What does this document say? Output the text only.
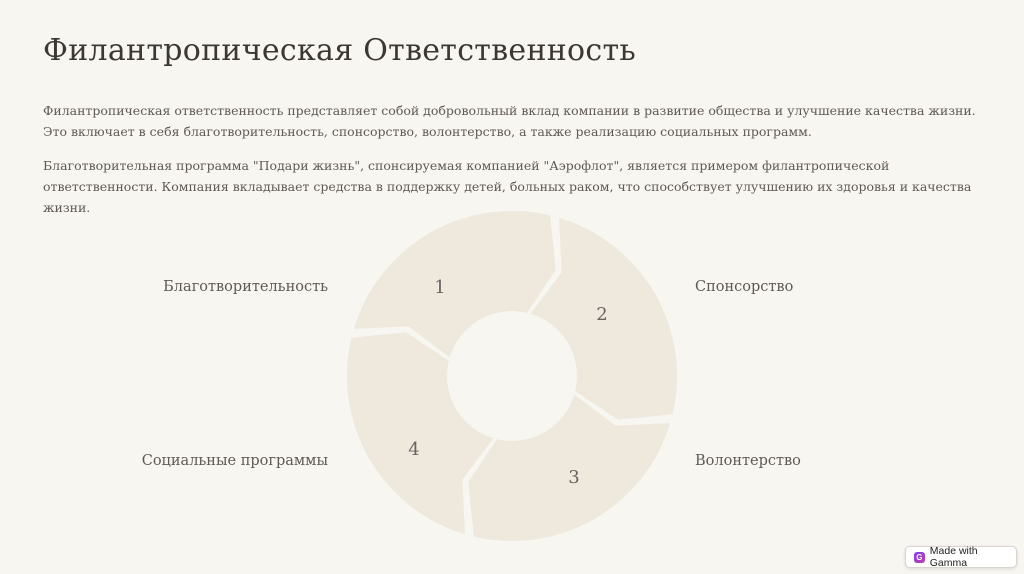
Филантропическая Ответственность

Филантропическая ответственность представляет собой добровольный вклад компании в развитие общества и улучшение качества жизни. Это включает в себя благотворительность, спонсорство, волонтерство, а также реализацию социальных программ.

Благотворительная программа "Подари жизнь", спонсируемая компанией "Аэрофлот", является примером филантропической ответственности. Компания вкладывает средства в поддержку детей, больных раком, что способствует улучшению их здоровья и качества жизни.

1
2
3
4
Благотворительность	Спонсорство
Волонтерство
Социальные программы
G Made with Gamma
